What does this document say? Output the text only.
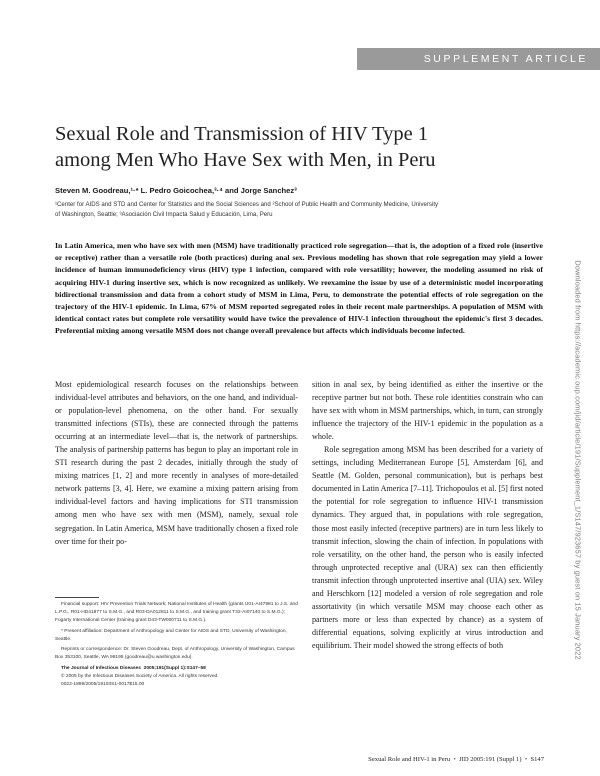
SUPPLEMENT ARTICLE
Sexual Role and Transmission of HIV Type 1
among Men Who Have Sex with Men, in Peru
Steven M. Goodreau,¹·* L. Pedro Goicochea,³·⁴ and Jorge Sanchez³
¹Center for AIDS and STD and Center for Statistics and the Social Sciences and ²School of Public Health and Community Medicine, University
of Washington, Seattle; ³Asociación Civil Impacta Salud y Educación, Lima, Peru

In Latin America, men who have sex with men (MSM) have traditionally practiced role segregation—that is, the adoption of a fixed role (insertive or receptive) rather than a versatile role (both practices) during anal sex. Previous modeling has shown that role segregation may yield a lower incidence of human immunodeficiency virus (HIV) type 1 infection, compared with role versatility; however, the modeling assumed no risk of acquiring HIV-1 during insertive sex, which is now recognized as unlikely. We reexamine the issue by use of a deterministic model incorporating bidirectional transmission and data from a cohort study of MSM in Lima, Peru, to demonstrate the potential effects of role segregation on the trajectory of the HIV-1 epidemic. In Lima, 67% of MSM reported segregated roles in their recent male partnerships. A population of MSM with identical contact rates but complete role versatility would have twice the prevalence of HIV-1 infection throughout the epidemic's first 3 decades. Preferential mixing among versatile MSM does not change overall prevalence but affects which individuals become infected.

Most epidemiological research focuses on the relationships between individual-level attributes and behaviors, on the one hand, and individual- or population-level phenomena, on the other hand. For sexually transmitted infections (STIs), these are connected through the patterns occurring at an intermediate level—that is, the network of partnerships. The analysis of partnership patterns has begun to play an important role in STI research during the past 2 decades, initially through the study of mixing matrices [1, 2] and more recently in analyses of more-detailed network patterns [3, 4]. Here, we examine a mixing pattern arising from individual-level factors and having implications for STI transmission among men who have sex with men (MSM), namely, sexual role segregation. In Latin America, MSM have traditionally chosen a fixed role over time for their po-

sition in anal sex, by being identified as either the insertive or the receptive partner but not both. These role identities constrain who can have sex with whom in MSM partnerships, which, in turn, can strongly influence the trajectory of the HIV-1 epidemic in the population as a whole.

Role segregation among MSM has been described for a variety of settings, including Mediterranean Europe [5], Amsterdam [6], and Seattle (M. Golden, personal communication), but is perhaps best documented in Latin America [7–11]. Trichopoulos et al. [5] first noted the potential for role segregation to influence HIV-1 transmission dynamics. They argued that, in populations with role segregation, those most easily infected (receptive partners) are in turn less likely to transmit infection, slowing the chain of infection. In populations with role versatility, on the other hand, the person who is easily infected through unprotected receptive anal (URA) sex can then efficiently transmit infection through unprotected insertive anal (UIA) sex. Wiley and Herschkorn [12] modeled a version of role segregation and role assortativity (in which versatile MSM may choose each other as partners more or less than expected by chance) as a system of differential equations, solving explicitly at virus introduction and equilibrium. Their model showed the strong effects of both

Financial support: HIV Prevention Trials Network; National Institutes of Health (grants U01-AI47981 to J.S. and L.P.G., R01-HD41877 to S.M.G., and R03-DA012811 to S.M.G., and training grant T32-AI07140 to S.M.G.); Fogarty International Center (training grant D43-TW000711 to S.M.G.).

* Present affiliation: Department of Anthropology and Center for AIDS and STD, University of Washington, Seattle.

Reprints or correspondence: Dr. Steven Goodreau, Dept. of Anthropology, University of Washington, Campus Box 353100, Seattle, WA 98195 (goodreau@u.washington.edu).

The Journal of Infectious Diseases 2005;191(Suppl 1):S147–58

© 2005 by the Infectious Diseases Society of America. All rights reserved.

0022-1899/2005/19103S1-0017$15.00

Sexual Role and HIV-1 in Peru • JID 2005:191 (Suppl 1) • S147
Downloaded from https://academic.oup.com/jid/article/191/Supplement_1/S147/923657 by guest on 15 January 2022
